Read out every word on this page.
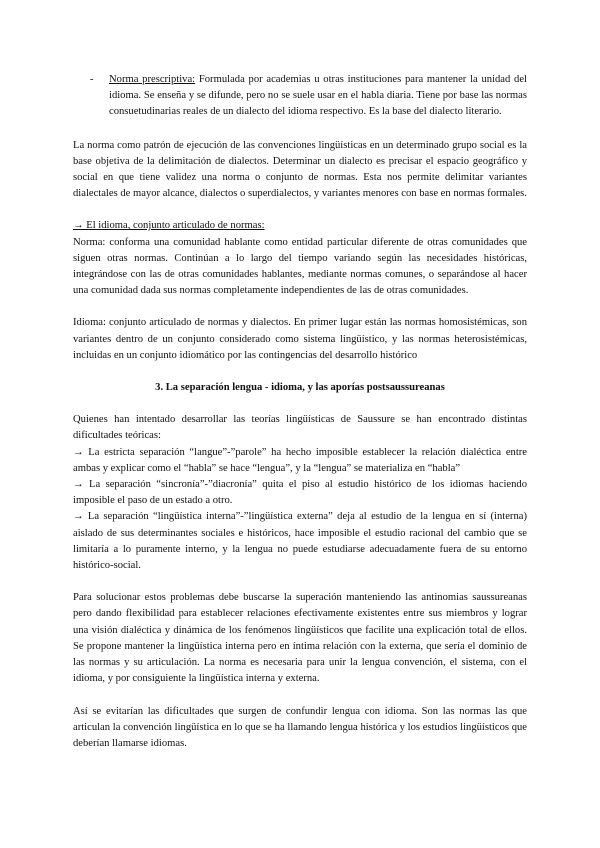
-	Norma prescriptiva: Formulada por academias u otras instituciones para mantener la unidad del idioma. Se enseña y se difunde, pero no se suele usar en el habla diaria. Tiene por base las normas consuetudinarias reales de un dialecto del idioma respectivo. Es la base del dialecto literario.

La norma como patrón de ejecución de las convenciones lingüísticas en un determinado grupo social es la base objetiva de la delimitación de dialectos. Determinar un dialecto es precisar el espacio geográfico y social en que tiene validez una norma o conjunto de normas. Esta nos permite delimitar variantes dialectales de mayor alcance, dialectos o superdialectos, y variantes menores con base en normas formales.

→ El idioma, conjunto articulado de normas:

Norma: conforma una comunidad hablante como entidad particular diferente de otras comunidades que siguen otras normas. Continúan a lo largo del tiempo variando según las necesidades históricas, integrándose con las de otras comunidades hablantes, mediante normas comunes, o separándose al hacer una comunidad dada sus normas completamente independientes de las de otras comunidades.

Idioma: conjunto articulado de normas y dialectos. En primer lugar están las normas homosistémicas, son variantes dentro de un conjunto considerado como sistema lingüístico, y las normas heterosistémicas, incluidas en un conjunto idiomático por las contingencias del desarrollo histórico

3. La separación lengua - idioma, y las aporías postsaussureanas

Quienes han intentado desarrollar las teorías lingüísticas de Saussure se han encontrado distintas dificultades teóricas:

→ La estricta separación “langue”-”parole” ha hecho imposible establecer la relación dialéctica entre ambas y explicar como el “habla” se hace “lengua”, y la “lengua” se materializa en “habla”

→ La separación “sincronía”-”diacronía” quita el piso al estudio histórico de los idiomas haciendo imposible el paso de un estado a otro.

→ La separación “lingüística interna”-”lingüística externa” deja al estudio de la lengua en sí (interna) aislado de sus determinantes sociales e históricos, hace imposible el estudio racional del cambio que se limitaría a lo puramente interno, y la lengua no puede estudiarse adecuadamente fuera de su entorno histórico-social.

Para solucionar estos problemas debe buscarse la superación manteniendo las antinomias saussureanas pero dando flexibilidad para establecer relaciones efectivamente existentes entre sus miembros y lograr una visión dialéctica y dinámica de los fenómenos lingüísticos que facilite una explicación total de ellos. Se propone mantener la lingüística interna pero en íntima relación con la externa, que sería el dominio de las normas y su articulación. La norma es necesaria para unir la lengua convención, el sistema, con el idioma, y por consiguiente la lingüística interna y externa.

Así se evitarían las dificultades que surgen de confundir lengua con idioma. Son las normas las que articulan la convención lingüística en lo que se ha llamando lengua histórica y los estudios lingüísticos que deberían llamarse idiomas.
